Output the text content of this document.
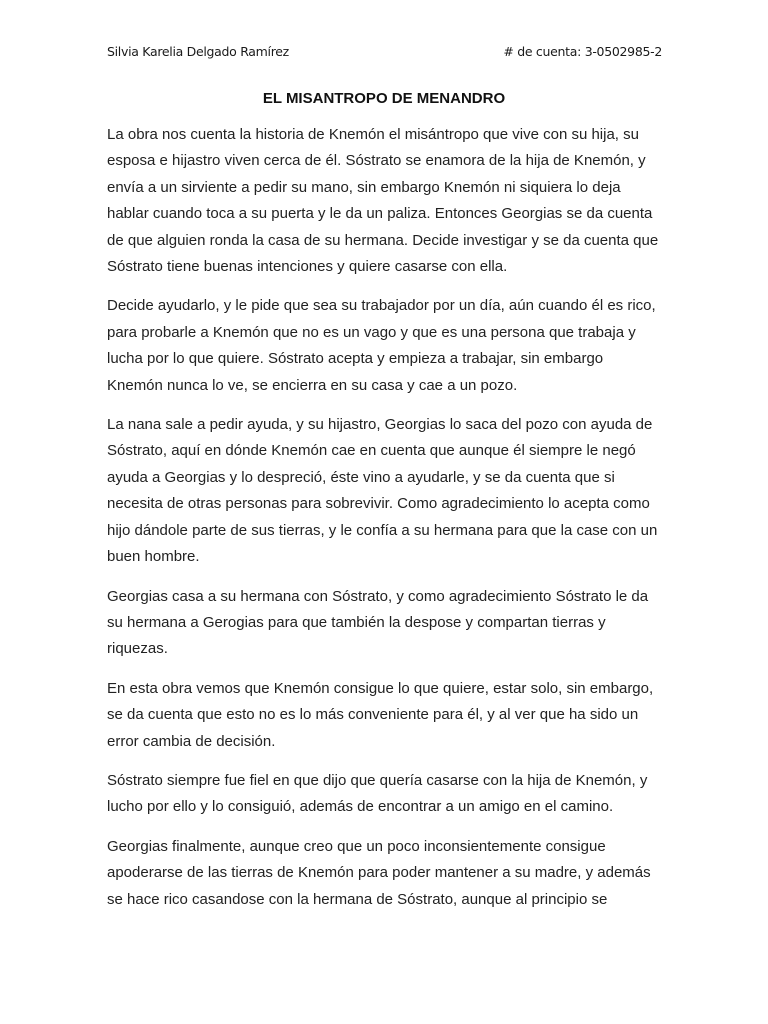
Silvia Karelia Delgado Ramírez	# de cuenta: 3-0502985-2
EL MISANTROPO DE MENANDRO

La obra nos cuenta la historia de Knemón el misántropo que vive con su hija, su
esposa e hijastro viven cerca de él. Sóstrato se enamora de la hija de Knemón, y
envía a un sirviente a pedir su mano, sin embargo Knemón ni siquiera lo deja
hablar cuando toca a su puerta y le da un paliza. Entonces Georgias se da cuenta
de que alguien ronda la casa de su hermana. Decide investigar y se da cuenta que
Sóstrato tiene buenas intenciones y quiere casarse con ella.

Decide ayudarlo, y le pide que sea su trabajador por un día, aún cuando él es rico,
para probarle a Knemón que no es un vago y que es una persona que trabaja y
lucha por lo que quiere. Sóstrato acepta y empieza a trabajar, sin embargo
Knemón nunca lo ve, se encierra en su casa y cae a un pozo.

La nana sale a pedir ayuda, y su hijastro, Georgias lo saca del pozo con ayuda de
Sóstrato, aquí en dónde Knemón cae en cuenta que aunque él siempre le negó
ayuda a Georgias y lo despreció, éste vino a ayudarle, y se da cuenta que si
necesita de otras personas para sobrevivir. Como agradecimiento lo acepta como
hijo dándole parte de sus tierras, y le confía a su hermana para que la case con un
buen hombre.

Georgias casa a su hermana con Sóstrato, y como agradecimiento Sóstrato le da
su hermana a Gerogias para que también la despose y compartan tierras y
riquezas.

En esta obra vemos que Knemón consigue lo que quiere, estar solo, sin embargo,
se da cuenta que esto no es lo más conveniente para él, y al ver que ha sido un
error cambia de decisión.

Sóstrato siempre fue fiel en que dijo que quería casarse con la hija de Knemón, y
lucho por ello y lo consiguió, además de encontrar a un amigo en el camino.

Georgias finalmente, aunque creo que un poco inconsientemente consigue
apoderarse de las tierras de Knemón para poder mantener a su madre, y además
se hace rico casandose con la hermana de Sóstrato, aunque al principio se
